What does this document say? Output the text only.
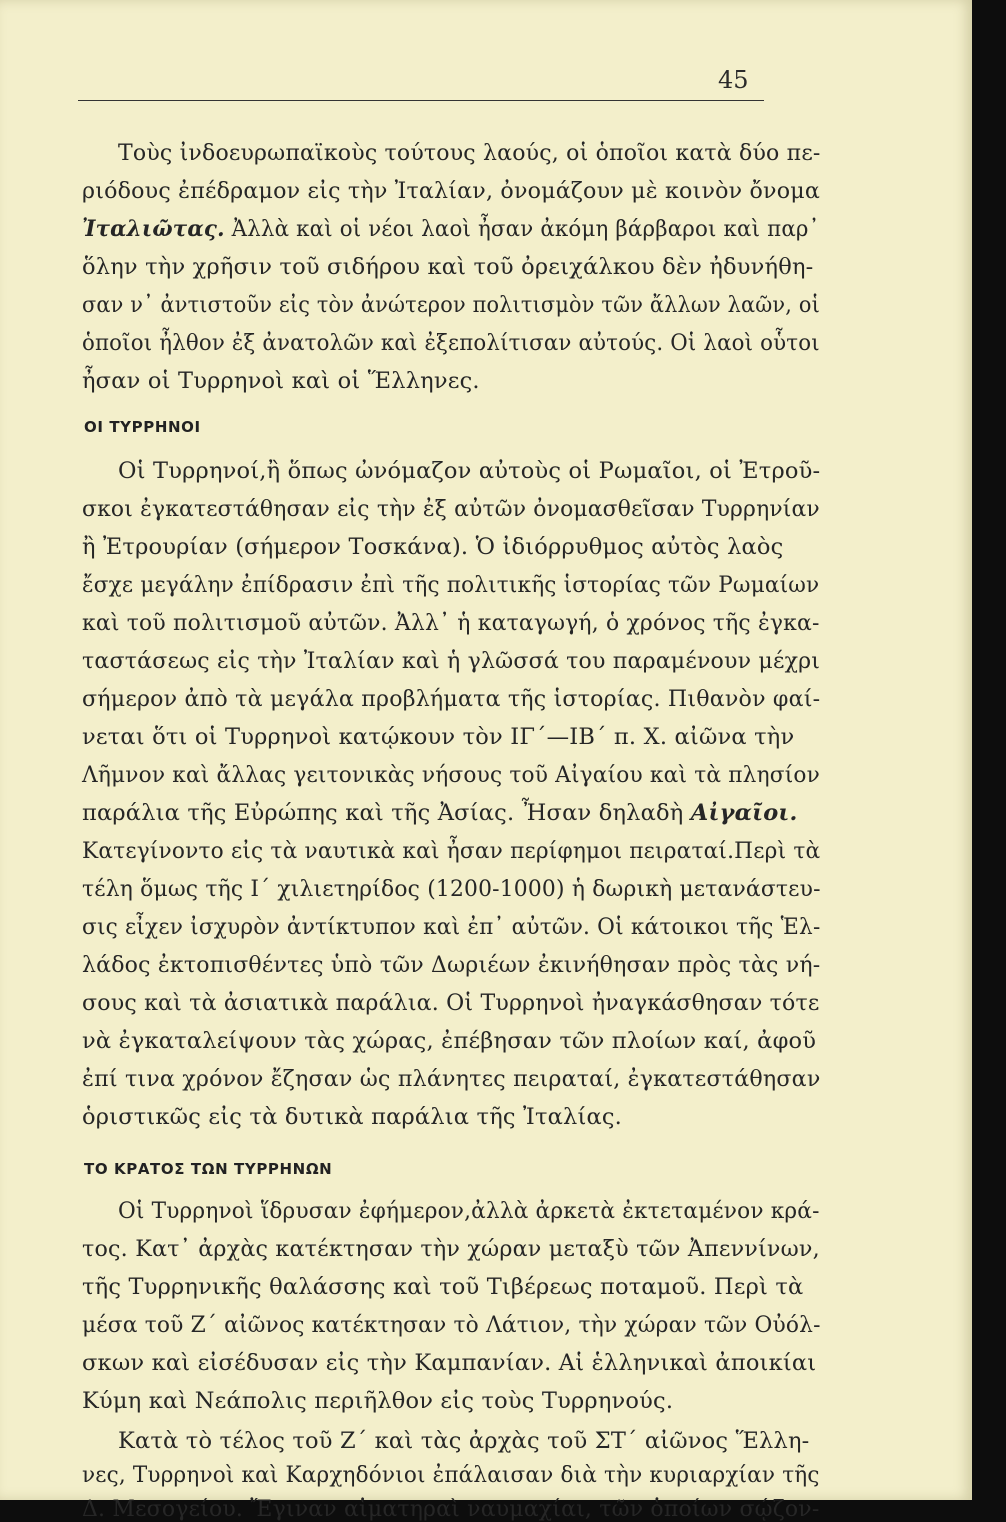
45
Τοὺς ἰνδοευρωπαϊκοὺς τούτους λαούς, οἱ ὁποῖοι κατὰ δύο πε-
ριόδους ἐπέδραμον εἰς τὴν Ἰταλίαν, ὀνομάζουν μὲ κοινὸν ὄνομα
Ἰταλιῶτας. Ἀλλὰ καὶ οἱ νέοι λαοὶ ἦσαν ἀκόμη βάρβαροι καὶ παρ᾽
ὅλην τὴν χρῆσιν τοῦ σιδήρου καὶ τοῦ ὀρειχάλκου δὲν ἠδυνήθη-
σαν ν᾽ ἀντιστοῦν εἰς τὸν ἀνώτερον πολιτισμὸν τῶν ἄλλων λαῶν, οἱ
ὁποῖοι ἦλθον ἐξ ἀνατολῶν καὶ ἐξεπολίτισαν αὐτούς. Οἱ λαοὶ οὗτοι
ἦσαν οἱ Τυρρηνοὶ καὶ οἱ Ἕλληνες.
ΟΙ ΤΥΡΡΗΝΟΙ
Οἱ Τυρρηνοί,ἢ ὅπως ὠνόμαζον αὐτοὺς οἱ Ρωμαῖοι, οἱ Ἐτροῦ-
σκοι ἐγκατεστάθησαν εἰς τὴν ἐξ αὐτῶν ὀνομασθεῖσαν Τυρρηνίαν
ἢ Ἐτρουρίαν (σήμερον Τοσκάνα). Ὁ ἰδιόρρυθμος αὐτὸς λαὸς
ἔσχε μεγάλην ἐπίδρασιν ἐπὶ τῆς πολιτικῆς ἱστορίας τῶν Ρωμαίων
καὶ τοῦ πολιτισμοῦ αὐτῶν. Ἀλλ᾽ ἡ καταγωγή, ὁ χρόνος τῆς ἐγκα-
ταστάσεως εἰς τὴν Ἰταλίαν καὶ ἡ γλῶσσά του παραμένουν μέχρι
σήμερον ἀπὸ τὰ μεγάλα προβλήματα τῆς ἱστορίας. Πιθανὸν φαί-
νεται ὅτι οἱ Τυρρηνοὶ κατῴκουν τὸν ΙΓ΄—ΙΒ΄ π. Χ. αἰῶνα τὴν
Λῆμνον καὶ ἄλλας γειτονικὰς νήσους τοῦ Αἰγαίου καὶ τὰ πλησίον
παράλια τῆς Εὐρώπης καὶ τῆς Ἀσίας. Ἦσαν δηλαδὴ Αἰγαῖοι.
Κατεγίνοντο εἰς τὰ ναυτικὰ καὶ ἦσαν περίφημοι πειραταί.Περὶ τὰ
τέλη ὅμως τῆς Ι΄ χιλιετηρίδος (1200-1000) ἡ δωρικὴ μετανάστευ-
σις εἶχεν ἰσχυρὸν ἀντίκτυπον καὶ ἐπ᾽ αὐτῶν. Οἱ κάτοικοι τῆς Ἑλ-
λάδος ἐκτοπισθέντες ὑπὸ τῶν Δωριέων ἐκινήθησαν πρὸς τὰς νή-
σους καὶ τὰ ἀσιατικὰ παράλια. Οἱ Τυρρηνοὶ ἠναγκάσθησαν τότε
νὰ ἐγκαταλείψουν τὰς χώρας, ἐπέβησαν τῶν πλοίων καί, ἀφοῦ
ἐπί τινα χρόνον ἔζησαν ὡς πλάνητες πειραταί, ἐγκατεστάθησαν
ὁριστικῶς εἰς τὰ δυτικὰ παράλια τῆς Ἰταλίας.
ΤΟ ΚΡΑΤΟΣ ΤΩΝ ΤΥΡΡΗΝΩΝ
Οἱ Τυρρηνοὶ ἵδρυσαν ἐφήμερον,ἀλλὰ ἀρκετὰ ἐκτεταμένον κρά-
τος. Κατ᾽ ἀρχὰς κατέκτησαν τὴν χώραν μεταξὺ τῶν Ἀπεννίνων,
τῆς Τυρρηνικῆς θαλάσσης καὶ τοῦ Τιβέρεως ποταμοῦ. Περὶ τὰ
μέσα τοῦ Ζ΄ αἰῶνος κατέκτησαν τὸ Λάτιον, τὴν χώραν τῶν Οὐόλ-
σκων καὶ εἰσέδυσαν εἰς τὴν Καμπανίαν. Αἱ ἑλληνικαὶ ἀποικίαι
Κύμη καὶ Νεάπολις περιῆλθον εἰς τοὺς Τυρρηνούς.
Κατὰ τὸ τέλος τοῦ Ζ΄ καὶ τὰς ἀρχὰς τοῦ ΣΤ΄ αἰῶνος Ἕλλη-
νες, Τυρρηνοὶ καὶ Καρχηδόνιοι ἐπάλαισαν διὰ τὴν κυριαρχίαν τῆς
Δ. Μεσογείου. Ἔγιναν αἱματηραὶ ναυμαχίαι, τῶν ὁποίων σῴζον-
